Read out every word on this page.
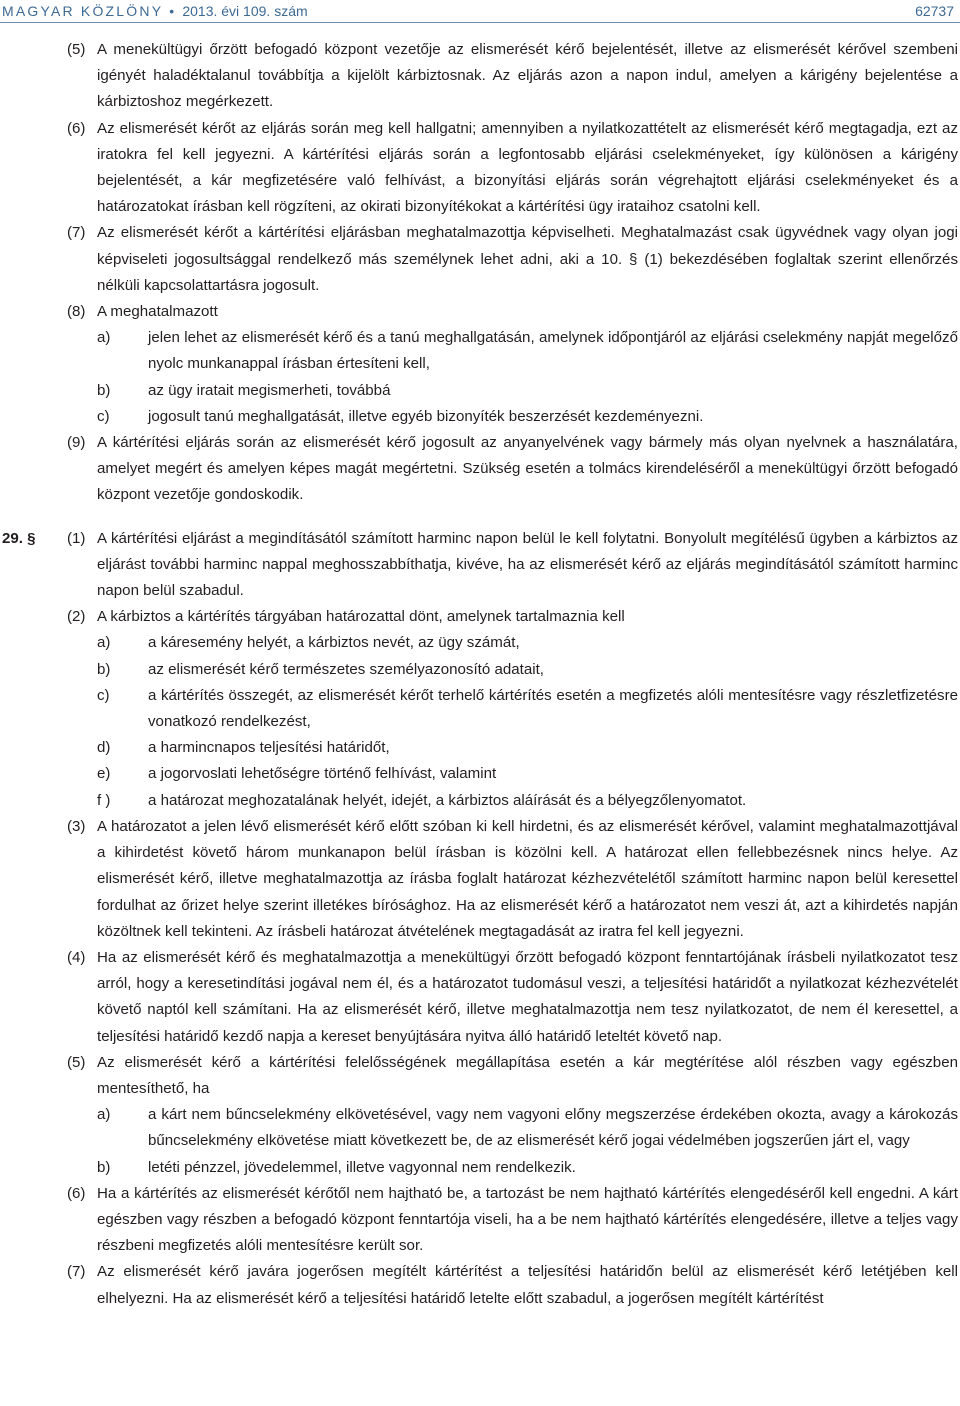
MAGYAR KÖZLÖNY • 2013. évi 109. szám	62737
(5) A menekültügyi őrzött befogadó központ vezetője az elismerését kérő bejelentését, illetve az elismerését kérővel szembeni igényét haladéktalanul továbbítja a kijelölt kárbiztosnak. Az eljárás azon a napon indul, amelyen a kárigény bejelentése a kárbiztoshoz megérkezett.
(6) Az elismerését kérőt az eljárás során meg kell hallgatni; amennyiben a nyilatkozattételt az elismerését kérő megtagadja, ezt az iratokra fel kell jegyezni. A kártérítési eljárás során a legfontosabb eljárási cselekményeket, így különösen a kárigény bejelentését, a kár megfizetésére való felhívást, a bizonyítási eljárás során végrehajtott eljárási cselekményeket és a határozatokat írásban kell rögzíteni, az okirati bizonyítékokat a kártérítési ügy irataihoz csatolni kell.
(7) Az elismerését kérőt a kártérítési eljárásban meghatalmazottja képviselheti. Meghatalmazást csak ügyvédnek vagy olyan jogi képviseleti jogosultsággal rendelkező más személynek lehet adni, aki a 10. § (1) bekezdésében foglaltak szerint ellenőrzés nélküli kapcsolattartásra jogosult.
(8) A meghatalmazott
a) jelen lehet az elismerését kérő és a tanú meghallgatásán, amelynek időpontjáról az eljárási cselekmény napját megelőző nyolc munkanappal írásban értesíteni kell,
b) az ügy iratait megismerheti, továbbá
c)	jogosult tanú meghallgatását, illetve egyéb bizonyíték beszerzését kezdeményezni.
(9) A kártérítési eljárás során az elismerését kérő jogosult az anyanyelvének vagy bármely más olyan nyelvnek a használatára, amelyet megért és amelyen képes magát megértetni. Szükség esetén a tolmács kirendeléséről a menekültügyi őrzött befogadó központ vezetője gondoskodik.
29. § (1) A kártérítési eljárást a megindításától számított harminc napon belül le kell folytatni. Bonyolult megítélésű ügyben a kárbiztos az eljárást további harminc nappal meghosszabbíthatja, kivéve, ha az elismerését kérő az eljárás megindításától számított harminc napon belül szabadul.
(2) A kárbiztos a kártérítés tárgyában határozattal dönt, amelynek tartalmaznia kell
a) a káresemény helyét, a kárbiztos nevét, az ügy számát,
b) az elismerését kérő természetes személyazonosító adatait,
c)	a kártérítés összegét, az elismerését kérőt terhelő kártérítés esetén a megfizetés alóli mentesítésre vagy részletfizetésre vonatkozó rendelkezést,
d) a harmincnapos teljesítési határidőt,
e) a jogorvoslati lehetőségre történő felhívást, valamint
f ) a határozat meghozatalának helyét, idejét, a kárbiztos aláírását és a bélyegzőlenyomatot.
(3) A határozatot a jelen lévő elismerését kérő előtt szóban ki kell hirdetni, és az elismerését kérővel, valamint meghatalmazottjával a kihirdetést követő három munkanapon belül írásban is közölni kell. A határozat ellen fellebbezésnek nincs helye. Az elismerését kérő, illetve meghatalmazottja az írásba foglalt határozat kézhezvételétől számított harminc napon belül keresettel fordulhat az őrizet helye szerint illetékes bírósághoz. Ha az elismerését kérő a határozatot nem veszi át, azt a kihirdetés napján közöltnek kell tekinteni. Az írásbeli határozat átvételének megtagadását az iratra fel kell jegyezni.
(4) Ha az elismerését kérő és meghatalmazottja a menekültügyi őrzött befogadó központ fenntartójának írásbeli nyilatkozatot tesz arról, hogy a keresetindítási jogával nem él, és a határozatot tudomásul veszi, a teljesítési határidőt a nyilatkozat kézhezvételét követő naptól kell számítani. Ha az elismerését kérő, illetve meghatalmazottja nem tesz nyilatkozatot, de nem él keresettel, a teljesítési határidő kezdő napja a kereset benyújtására nyitva álló határidő leteltét követő nap.
(5) Az elismerését kérő a kártérítési felelősségének megállapítása esetén a kár megtérítése alól részben vagy egészben mentesíthető, ha
a) a kárt nem bűncselekmény elkövetésével, vagy nem vagyoni előny megszerzése érdekében okozta, avagy a károkozás bűncselekmény elkövetése miatt következett be, de az elismerését kérő jogai védelmében jogszerűen járt el, vagy
b) letéti pénzzel, jövedelemmel, illetve vagyonnal nem rendelkezik.
(6) Ha a kártérítés az elismerését kérőtől nem hajtható be, a tartozást be nem hajtható kártérítés elengedéséről kell engedni. A kárt egészben vagy részben a befogadó központ fenntartója viseli, ha a be nem hajtható kártérítés elengedésére, illetve a teljes vagy részbeni megfizetés alóli mentesítésre került sor.
(7) Az elismerését kérő javára jogerősen megítélt kártérítést a teljesítési határidőn belül az elismerését kérő letétjében kell elhelyezni. Ha az elismerését kérő a teljesítési határidő letelte előtt szabadul, a jogerősen megítélt kártérítést
